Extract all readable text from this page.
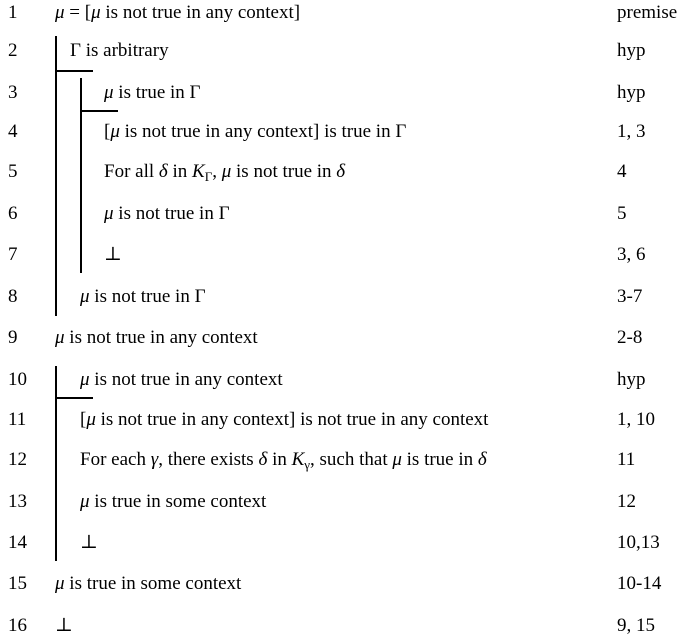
1 μ = [μ is not true in any context]	premise
2	Γ is arbitrary	hyp
3	μ is true in Γ	hyp
4	[μ is not true in any context] is true in Γ	1, 3
5	For all δ in $K_\Gamma$, μ is not true in δ	4
6	μ is not true in Γ	5
7	⊥	3, 6
8	μ is not true in Γ	3-7
9 μ is not true in any context	2-8
10	μ is not true in any context	hyp
11	[μ is not true in any context] is not true in any context	1, 10
12	For each γ, there exists δ in $K_\gamma$, such that μ is true in δ	11
13	μ is true in some context	12
14	⊥	10,13
15 μ is true in some context	10-14
16 ⊥	9, 15
